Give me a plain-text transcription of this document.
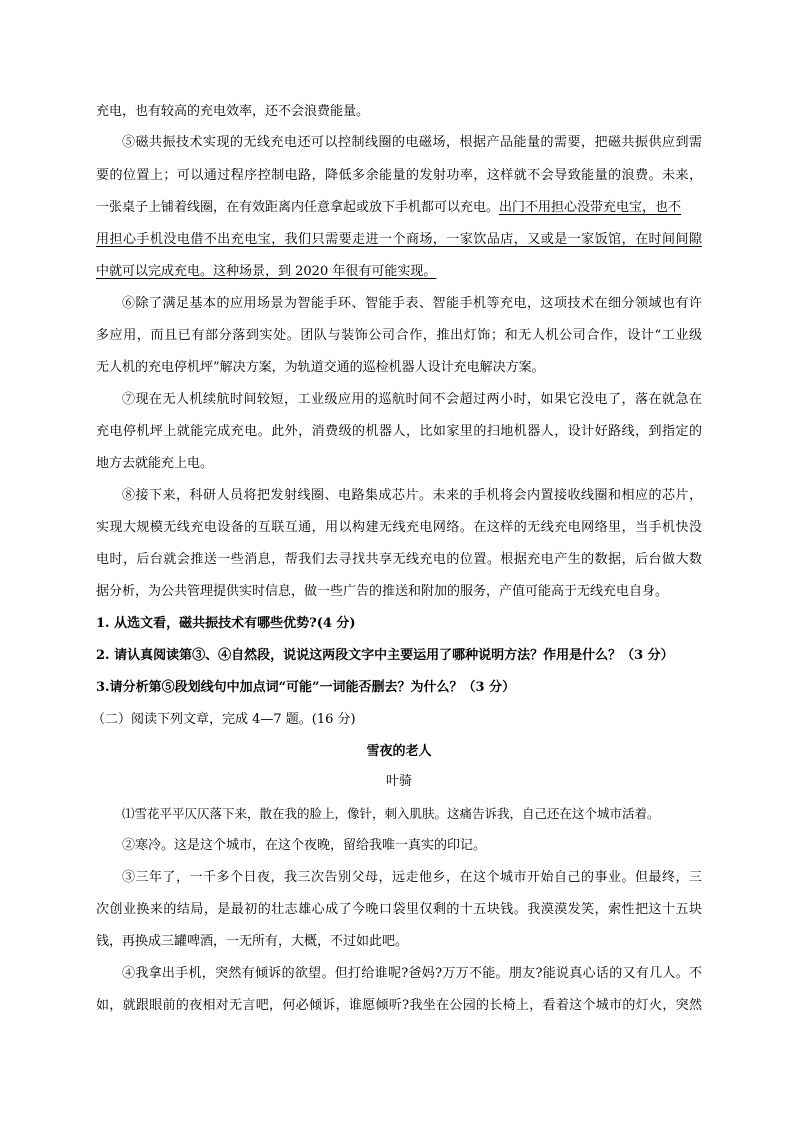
充电，也有较高的充电效率，还不会浪费能量。
⑤磁共振技术实现的无线充电还可以控制线圈的电磁场，根据产品能量的需要，把磁共振供应到需
要的位置上；可以通过程序控制电路，降低多余能量的发射功率，这样就不会导致能量的浪费。未来，
一张桌子上铺着线圈，在有效距离内任意拿起或放下手机都可以充电。出门不用担心没带充电宝，也不
用担心手机没电借不出充电宝，我们只需要走进一个商场，一家饮品店，又或是一家饭馆，在时间间隙
中就可以完成充电。这种场景，到 2020 年很有可能实现。
⑥除了满足基本的应用场景为智能手环、智能手表、智能手机等充电，这项技术在细分领域也有许
多应用，而且已有部分落到实处。团队与装饰公司合作，推出灯饰；和无人机公司合作，设计“工业级
无人机的充电停机坪”解决方案，为轨道交通的巡检机器人设计充电解决方案。
⑦现在无人机续航时间较短，工业级应用的巡航时间不会超过两小时，如果它没电了，落在就急在
充电停机坪上就能完成充电。此外，消费级的机器人，比如家里的扫地机器人，设计好路线，到指定的
地方去就能充上电。
⑧接下来，科研人员将把发射线圈、电路集成芯片。未来的手机将会内置接收线圈和相应的芯片，
实现大规模无线充电设备的互联互通，用以构建无线充电网络。在这样的无线充电网络里，当手机快没
电时，后台就会推送一些消息，帮我们去寻找共享无线充电的位置。根据充电产生的数据，后台做大数
据分析，为公共管理提供实时信息，做一些广告的推送和附加的服务，产值可能高于无线充电自身。
1. 从选文看，磁共振技术有哪些优势?(4 分)
2. 请认真阅读第③、④自然段，说说这两段文字中主要运用了哪种说明方法？作用是什么？（3 分）
3.请分析第⑤段划线句中加点词“可能”一词能否删去？为什么？（3 分）
（二）阅读下列文章，完成 4—7 题。(16 分)
雪夜的老人
叶骑
⑴雪花平平仄仄落下来，散在我的脸上，像针，刺入肌肤。这痛告诉我，自己还在这个城市活着。
②寒冷。这是这个城市，在这个夜晚，留给我唯一真实的印记。
③三年了，一千多个日夜，我三次告别父母，远走他乡，在这个城市开始自己的事业。但最终，三
次创业换来的结局，是最初的壮志雄心成了今晚口袋里仅剩的十五块钱。我漠漠发笑，索性把这十五块
钱，再换成三罐啤酒，一无所有，大概，不过如此吧。
④我拿出手机，突然有倾诉的欲望。但打给谁呢?爸妈?万万不能。朋友?能说真心话的又有几人。不
如，就跟眼前的夜相对无言吧，何必倾诉，谁愿倾听?我坐在公园的长椅上，看着这个城市的灯火，突然
